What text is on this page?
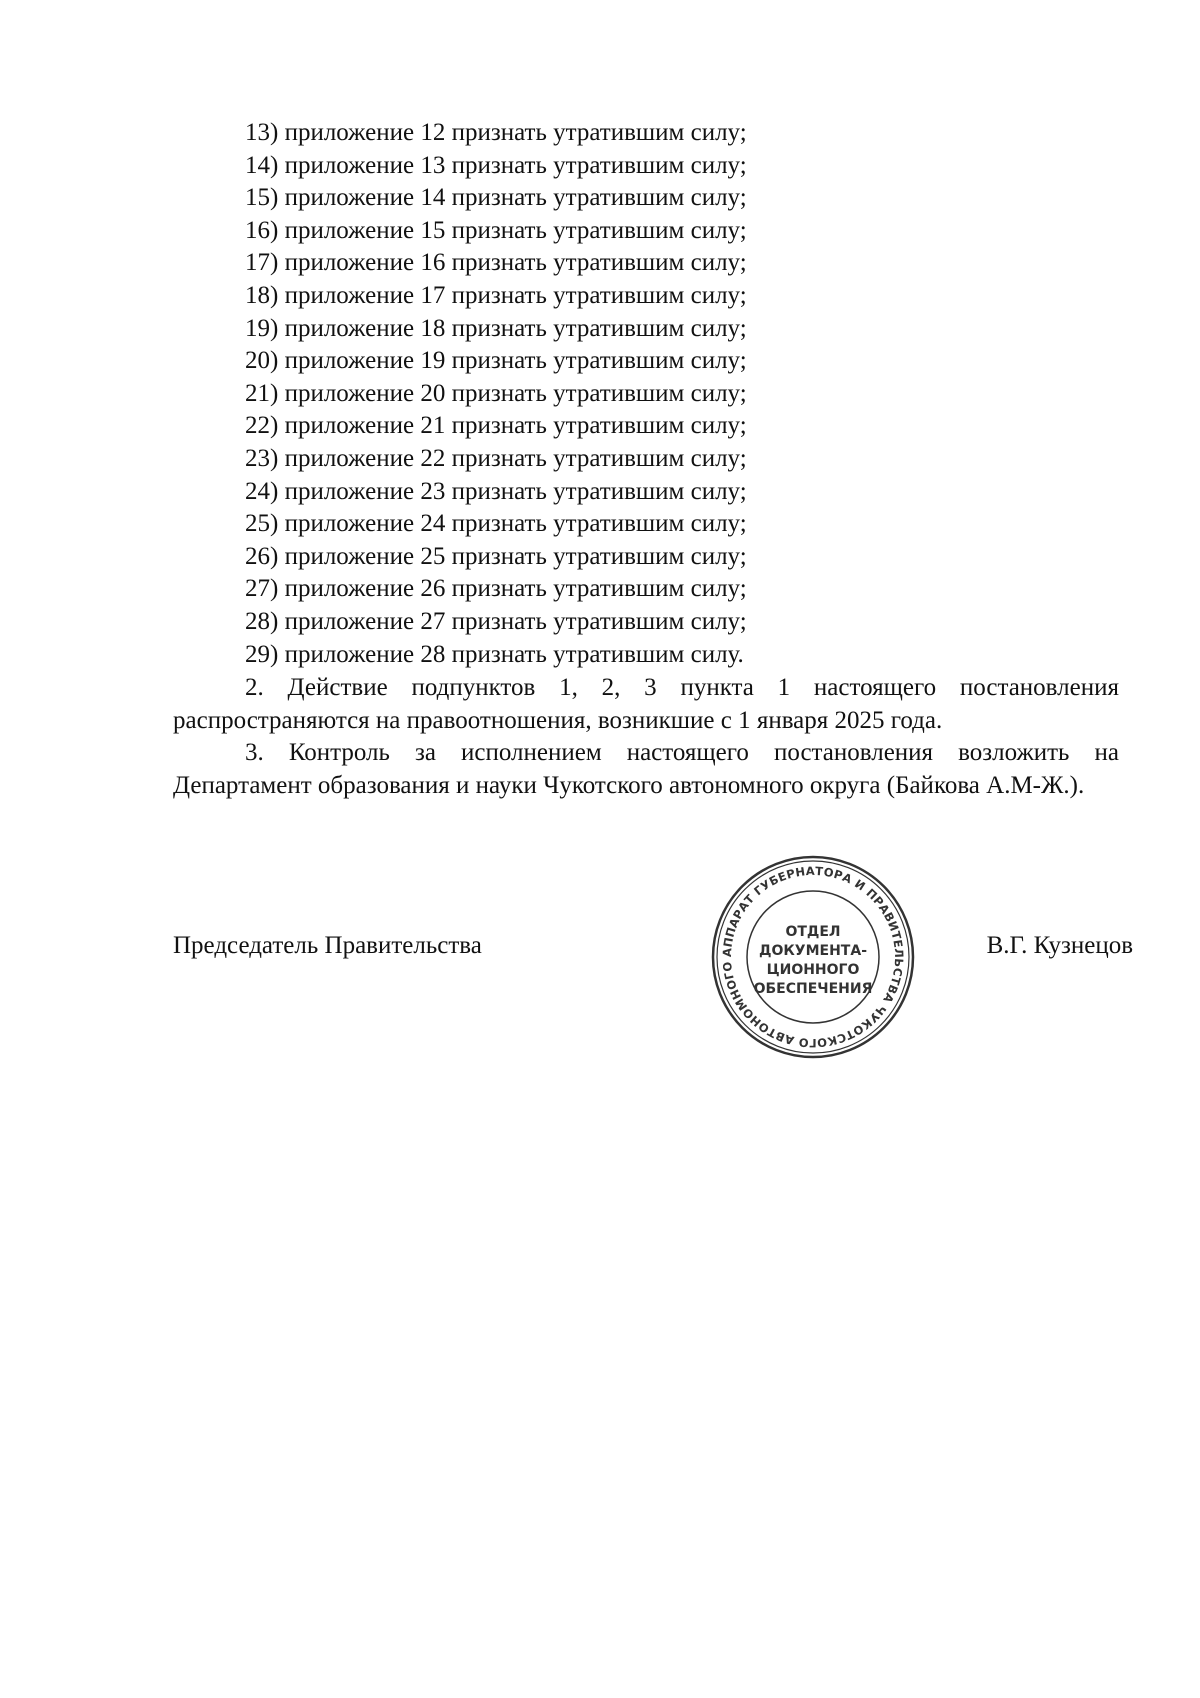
13) приложение 12 признать утратившим силу;
14) приложение 13 признать утратившим силу;
15) приложение 14 признать утратившим силу;
16) приложение 15 признать утратившим силу;
17) приложение 16 признать утратившим силу;
18) приложение 17 признать утратившим силу;
19) приложение 18 признать утратившим силу;
20) приложение 19 признать утратившим силу;
21) приложение 20 признать утратившим силу;
22) приложение 21 признать утратившим силу;
23) приложение 22 признать утратившим силу;
24) приложение 23 признать утратившим силу;
25) приложение 24 признать утратившим силу;
26) приложение 25 признать утратившим силу;
27) приложение 26 признать утратившим силу;
28) приложение 27 признать утратившим силу;
29) приложение 28 признать утратившим силу.

2. Действие подпунктов 1, 2, 3 пункта 1 настоящего постановления распространяются на правоотношения, возникшие с 1 января 2025 года.

3. Контроль за исполнением настоящего постановления возложить на Департамент образования и науки Чукотского автономного округа (Байкова А.М-Ж.).

Председатель Правительства	В.Г. Кузнецов
АППАРАТ ГУБЕРНАТОРА И ПРАВИТЕЛЬСТВА ЧУКОТСКОГО АВТОНОМНОГО
ОТДЕЛ
ДОКУМЕНТА-
ЦИОННОГО
ОБЕСПЕЧЕНИЯ
